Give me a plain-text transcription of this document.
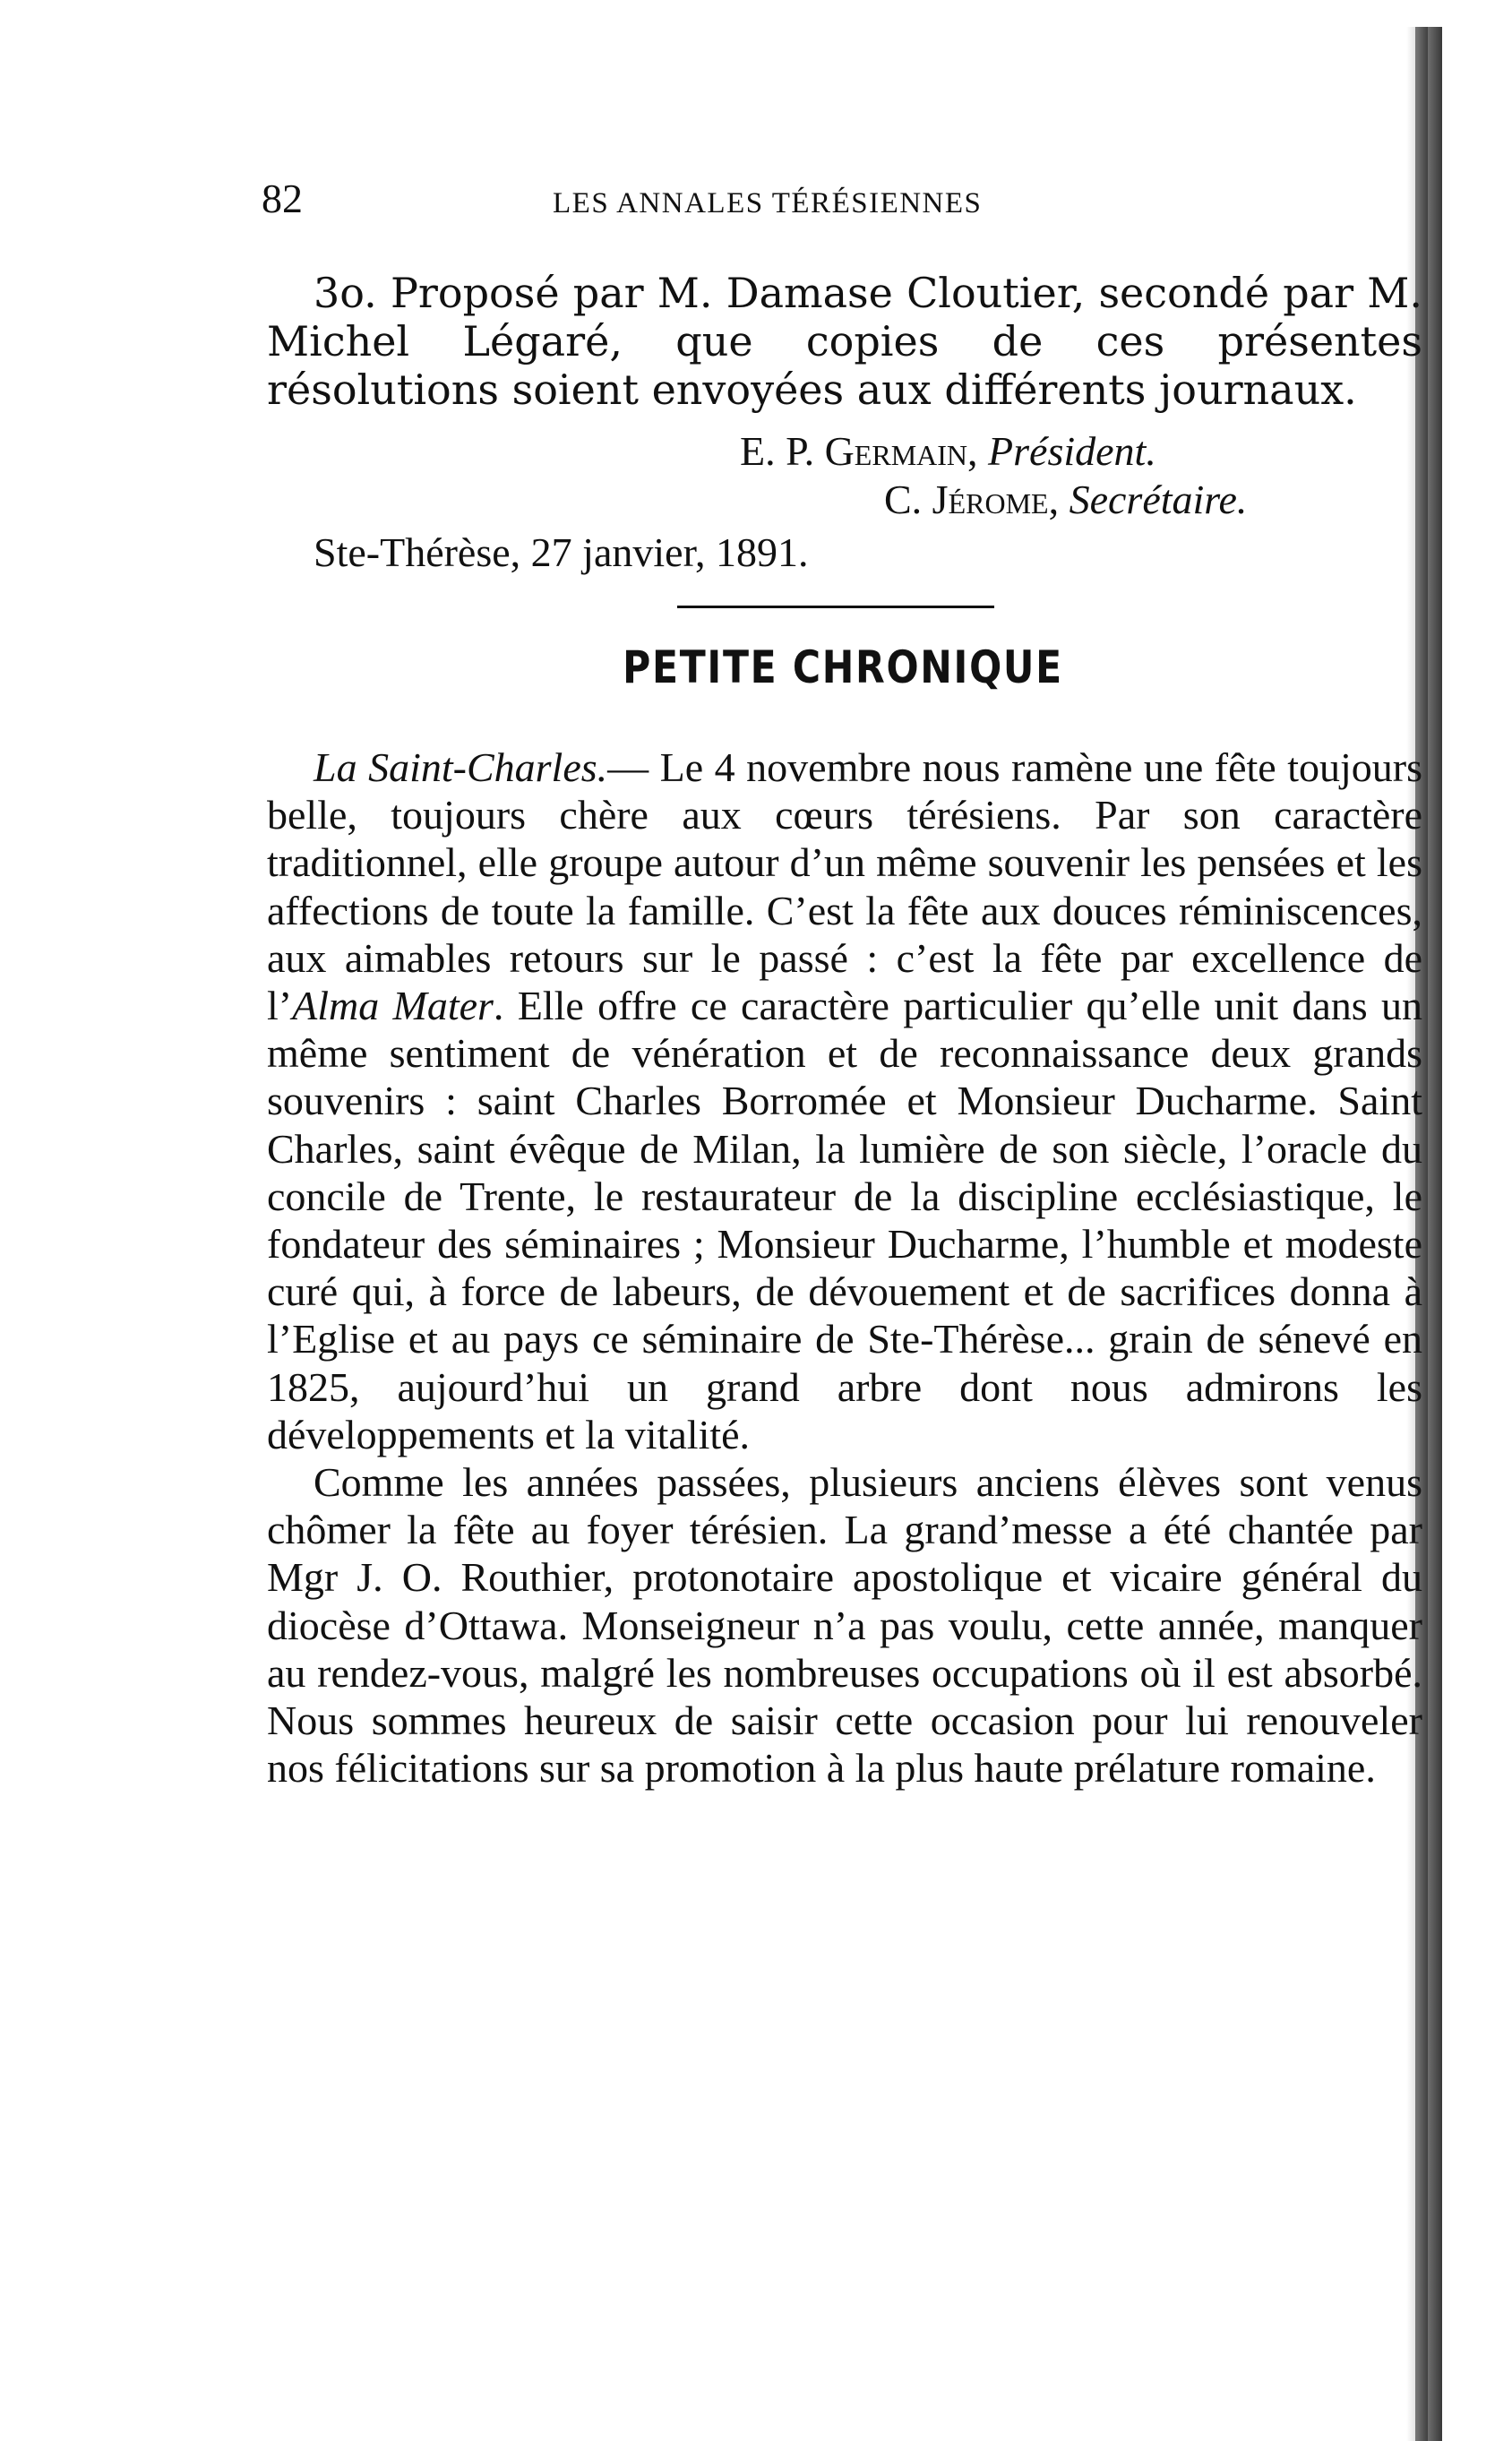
82	LES ANNALES TÉRÉSIENNES

3o. Proposé par M. Damase Cloutier, secondé par M. Michel Légaré, que copies de ces présentes résolutions soient envoyées aux différents journaux.

E. P. Germain, Président.
C. Jérome, Secrétaire.
Ste-Thérèse, 27 janvier, 1891.
PETITE CHRONIQUE

La Saint-Charles.— Le 4 novembre nous ramène une fête toujours belle, toujours chère aux cœurs térésiens. Par son caractère traditionnel, elle groupe autour d’un même souvenir les pensées et les affections de toute la famille. C’est la fête aux douces réminiscences, aux aimables retours sur le passé : c’est la fête par excellence de l’Alma Mater. Elle offre ce caractère particulier qu’elle unit dans un même sentiment de vénération et de reconnaissance deux grands souvenirs : saint Charles Borromée et Monsieur Ducharme. Saint Charles, saint évêque de Milan, la lumière de son siècle, l’oracle du concile de Trente, le restaurateur de la discipline ecclésiastique, le fondateur des séminaires ; Monsieur Ducharme, l’humble et modeste curé qui, à force de labeurs, de dévouement et de sacrifices donna à l’Eglise et au pays ce séminaire de Ste-Thérèse... grain de sénevé en 1825, aujourd’hui un grand arbre dont nous admirons les développements et la vitalité.

Comme les années passées, plusieurs anciens élèves sont venus chômer la fête au foyer térésien. La grand’messe a été chantée par Mgr J. O. Routhier, protonotaire apostolique et vicaire général du diocèse d’Ottawa. Monseigneur n’a pas voulu, cette année, manquer au rendez-vous, malgré les nombreuses occupations où il est absorbé. Nous sommes heureux de saisir cette occasion pour lui renouveler nos félicitations sur sa promotion à la plus haute prélature romaine.
